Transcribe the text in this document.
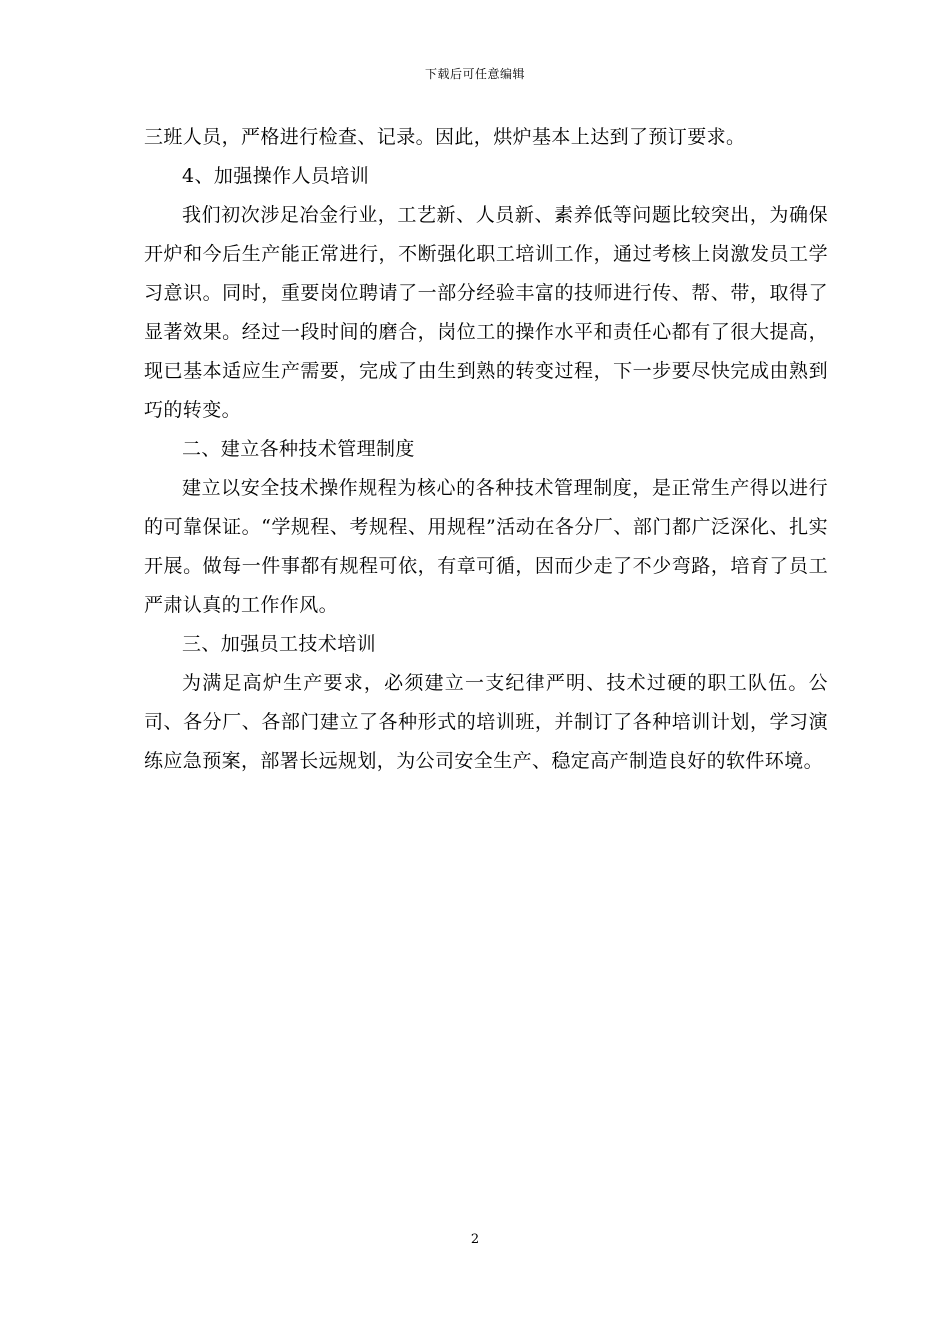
下载后可任意编辑

三班人员，严格进行检查、记录。因此，烘炉基本上达到了预订要求。

4、加强操作人员培训

我们初次涉足冶金行业，工艺新、人员新、素养低等问题比较突出，为确保开炉和今后生产能正常进行，不断强化职工培训工作，通过考核上岗激发员工学习意识。同时，重要岗位聘请了一部分经验丰富的技师进行传、帮、带，取得了显著效果。经过一段时间的磨合，岗位工的操作水平和责任心都有了很大提高，现已基本适应生产需要，完成了由生到熟的转变过程，下一步要尽快完成由熟到巧的转变。

二、建立各种技术管理制度

建立以安全技术操作规程为核心的各种技术管理制度，是正常生产得以进行的可靠保证。“学规程、考规程、用规程”活动在各分厂、部门都广泛深化、扎实开展。做每一件事都有规程可依，有章可循，因而少走了不少弯路，培育了员工严肃认真的工作作风。

三、加强员工技术培训

为满足高炉生产要求，必须建立一支纪律严明、技术过硬的职工队伍。公司、各分厂、各部门建立了各种形式的培训班，并制订了各种培训计划，学习演练应急预案，部署长远规划，为公司安全生产、稳定高产制造良好的软件环境。

2
